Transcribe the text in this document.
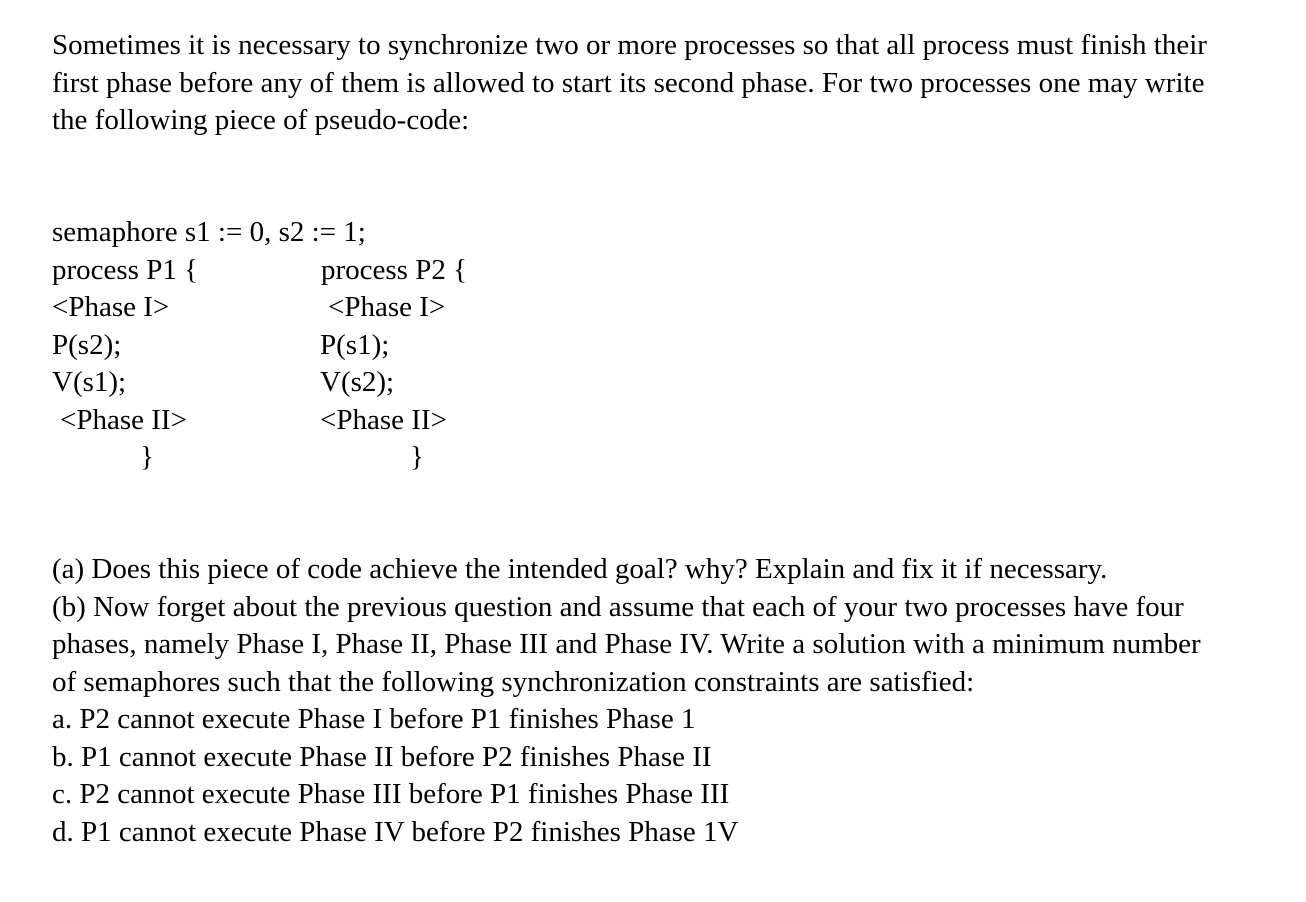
Sometimes it is necessary to synchronize two or more processes so that all process must finish their
first phase before any of them is allowed to start its second phase. For two processes one may write
the following piece of pseudo-code:
semaphore s1 := 0, s2 := 1;
process P1 {	process P2 {
<Phase I>	<Phase I>
P(s2);	P(s1);
V(s1);	V(s2);
<Phase II>	<Phase II>
}	}
(a) Does this piece of code achieve the intended goal? why? Explain and fix it if necessary.
(b) Now forget about the previous question and assume that each of your two processes have four
phases, namely Phase I, Phase II, Phase III and Phase IV. Write a solution with a minimum number
of semaphores such that the following synchronization constraints are satisfied:
a. P2 cannot execute Phase I before P1 finishes Phase 1
b. P1 cannot execute Phase II before P2 finishes Phase II
c. P2 cannot execute Phase III before P1 finishes Phase III
d. P1 cannot execute Phase IV before P2 finishes Phase 1V
